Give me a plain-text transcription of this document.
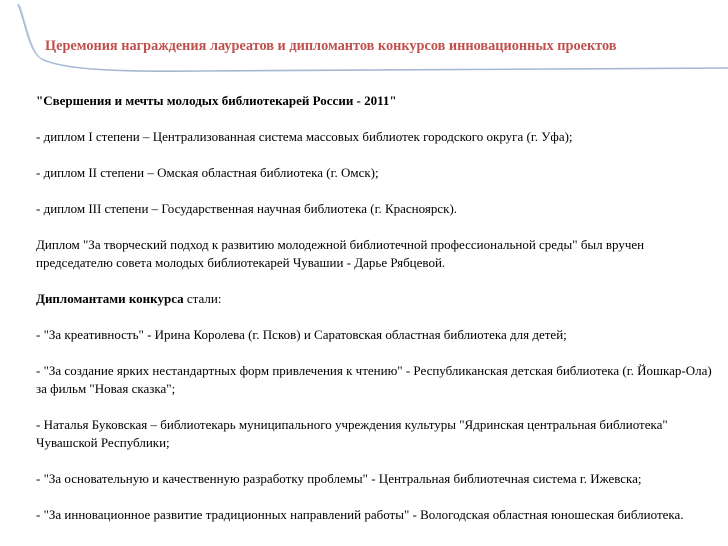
Церемония награждения лауреатов и дипломантов конкурсов инновационных проектов

"Свершения и мечты молодых библиотекарей России - 2011"

- диплом I степени – Централизованная система массовых библиотек городского округа (г. Уфа);

- диплом II степени – Омская областная библиотека (г. Омск);

- диплом III степени – Государственная научная библиотека (г. Красноярск).

Диплом "За творческий подход к развитию молодежной библиотечной профессиональной среды" был вручен председателю совета молодых библиотекарей Чувашии - Дарье Рябцевой.

Дипломантами конкурса стали:

- "За креативность" - Ирина Королева (г. Псков) и Саратовская областная библиотека для детей;

- "За создание ярких нестандартных форм привлечения к чтению" - Республиканская детская библиотека (г. Йошкар-Ола) за фильм "Новая сказка";

- Наталья Буковская – библиотекарь муниципального учреждения культуры "Ядринская центральная библиотека" Чувашской Республики;

- "За основательную и качественную разработку проблемы" - Центральная библиотечная система г. Ижевска;

- "За инновационное развитие традиционных направлений работы" - Вологодская областная юношеская библиотека.
